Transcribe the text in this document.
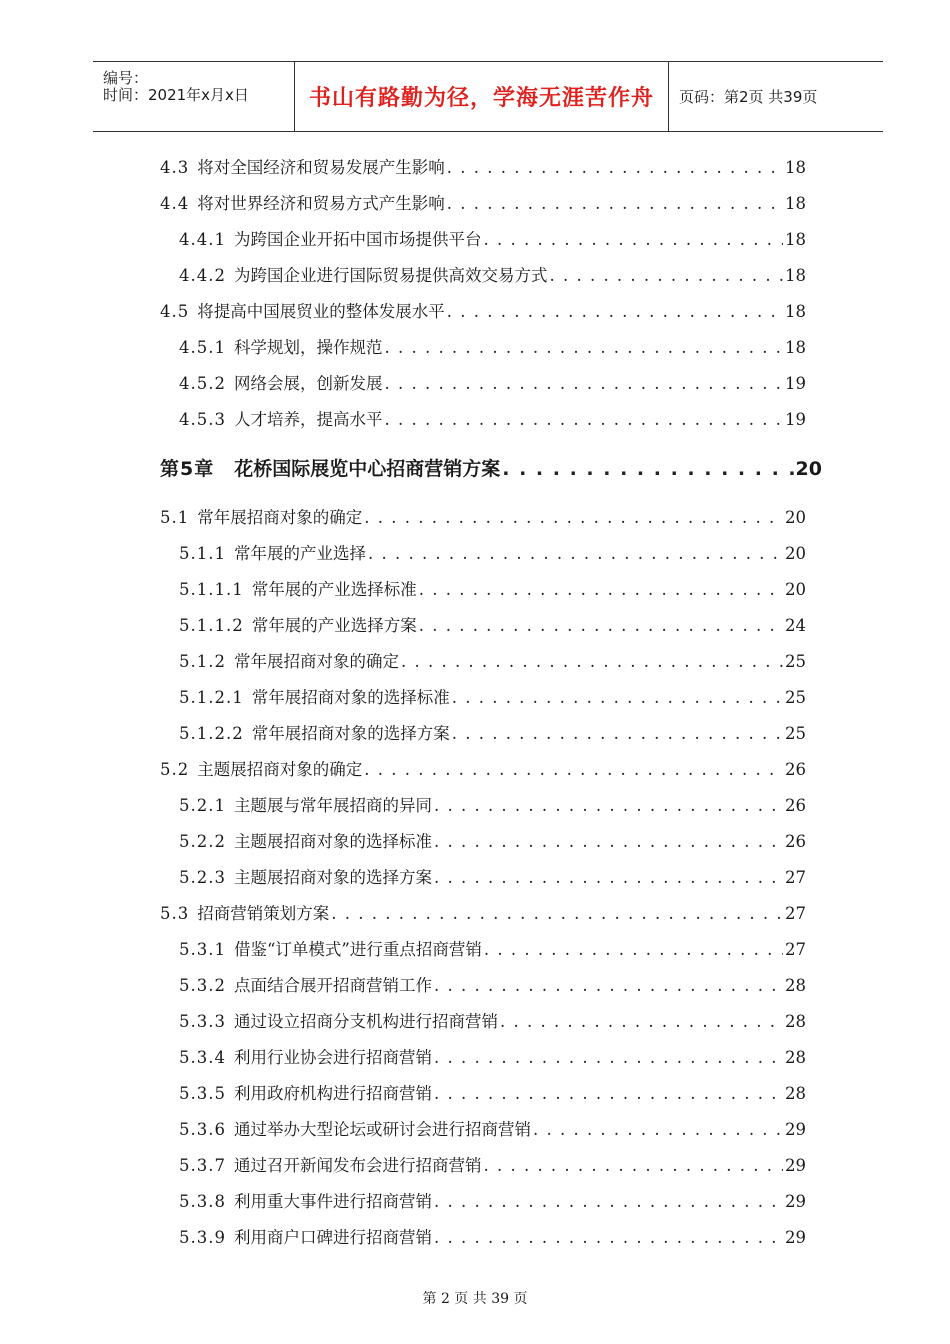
编号：
时间：2021年x月x日	书山有路勤为径，学海无涯苦作舟 页码：第2页 共39页
4.3 将对全国经济和贸易发展产生影响 . . .	18
4.4 将对世界经济和贸易方式产生影响 . . .	18
4.4.1 为跨国企业开拓中国市场提供平台 . . .	18
4.4.2 为跨国企业进行国际贸易提供高效交易方式 . . .	18
4.5 将提高中国展贸业的整体发展水平 . . .	18
4.5.1 科学规划，操作规范 . . .	18
4.5.2 网络会展，创新发展 . . .	19
4.5.3 人才培养，提高水平 . . .	19
第5章 花桥国际展览中心招商营销方案 . . .	20
5.1 常年展招商对象的确定 . . .	20
5.1.1 常年展的产业选择 . . .	20
5.1.1.1 常年展的产业选择标准 . . .	20
5.1.1.2 常年展的产业选择方案 . . .	24
5.1.2 常年展招商对象的确定 . . .	25
5.1.2.1 常年展招商对象的选择标准 . . .	25
5.1.2.2 常年展招商对象的选择方案 . . .	25
5.2 主题展招商对象的确定 . . .	26
5.2.1 主题展与常年展招商的异同 . . .	26
5.2.2 主题展招商对象的选择标准 . . .	26
5.2.3 主题展招商对象的选择方案 . . .	27
5.3 招商营销策划方案 . . .	27
5.3.1 借鉴“订单模式”进行重点招商营销 . . .	27
5.3.2 点面结合展开招商营销工作 . . .	28
5.3.3 通过设立招商分支机构进行招商营销 . . .	28
5.3.4 利用行业协会进行招商营销 . . .	28
5.3.5 利用政府机构进行招商营销 . . .	28
5.3.6 通过举办大型论坛或研讨会进行招商营销 . . .	29
5.3.7 通过召开新闻发布会进行招商营销 . . .	29
5.3.8 利用重大事件进行招商营销 . . .	29
5.3.9 利用商户口碑进行招商营销 . . .	29
第 2 页 共 39 页
